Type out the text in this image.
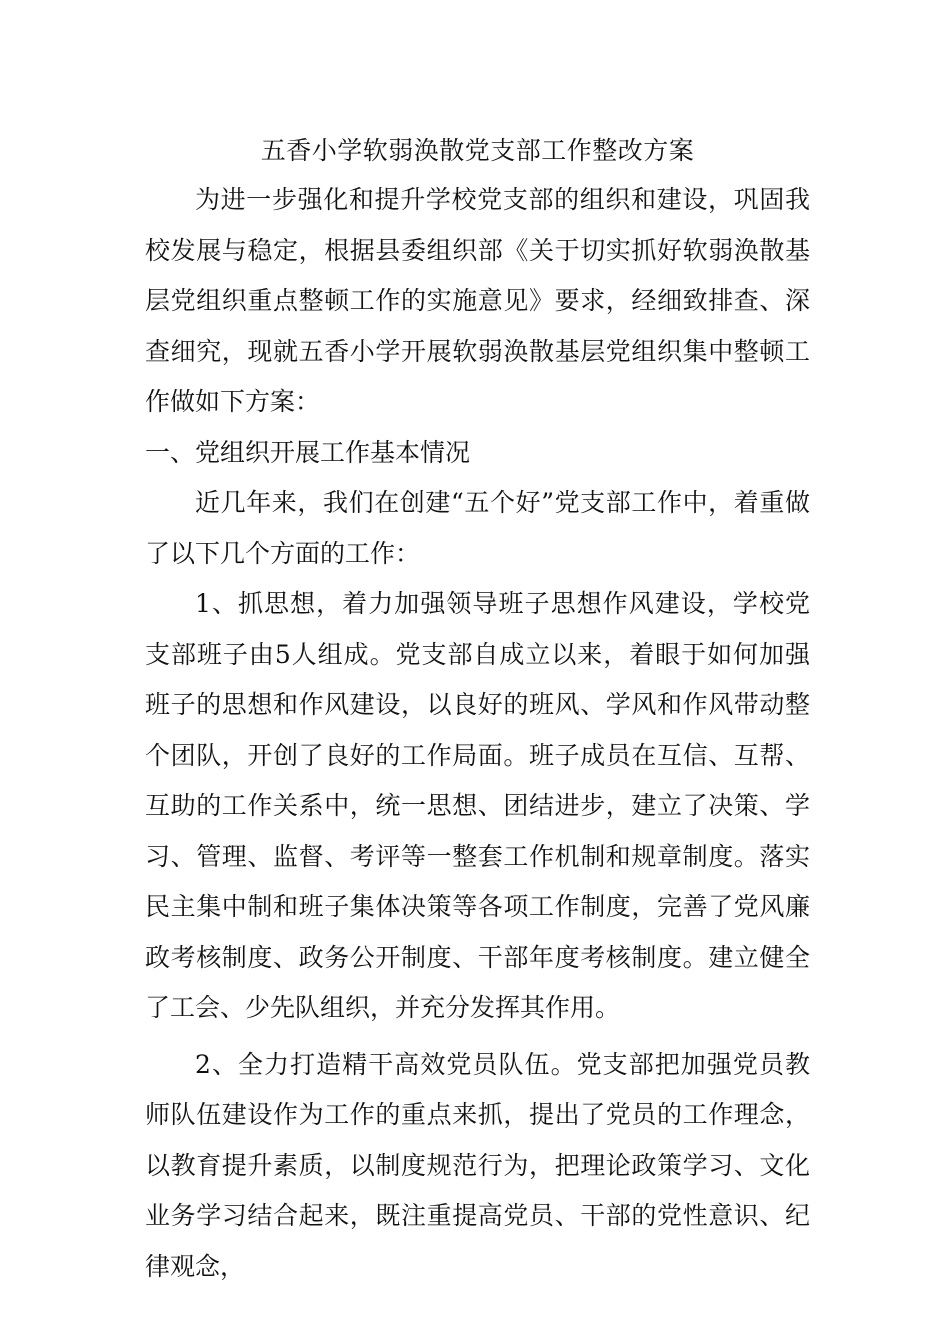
五香小学软弱涣散党支部工作整改方案

为进一步强化和提升学校党支部的组织和建设，巩固我校发展与稳定，根据县委组织部《关于切实抓好软弱涣散基层党组织重点整顿工作的实施意见》要求，经细致排查、深查细究，现就五香小学开展软弱涣散基层党组织集中整顿工作做如下方案：

一、党组织开展工作基本情况

近几年来，我们在创建“五个好”党支部工作中，着重做了以下几个方面的工作：

1、抓思想，着力加强领导班子思想作风建设，学校党支部班子由5人组成。党支部自成立以来，着眼于如何加强班子的思想和作风建设，以良好的班风、学风和作风带动整个团队，开创了良好的工作局面。班子成员在互信、互帮、互助的工作关系中，统一思想、团结进步，建立了决策、学习、管理、监督、考评等一整套工作机制和规章制度。落实民主集中制和班子集体决策等各项工作制度，完善了党风廉政考核制度、政务公开制度、干部年度考核制度。建立健全了工会、少先队组织，并充分发挥其作用。

2、全力打造精干高效党员队伍。党支部把加强党员教师队伍建设作为工作的重点来抓，提出了党员的工作理念，以教育提升素质，以制度规范行为，把理论政策学习、文化业务学习结合起来，既注重提高党员、干部的党性意识、纪律观念，
